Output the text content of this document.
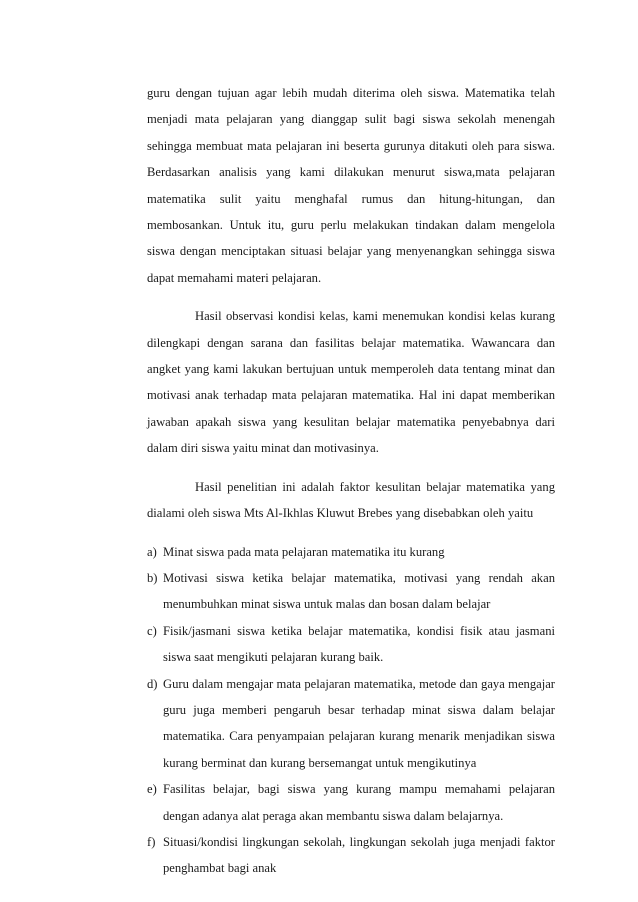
guru dengan tujuan agar lebih mudah diterima oleh siswa. Matematika telah menjadi mata pelajaran yang dianggap sulit bagi siswa sekolah menengah sehingga membuat mata pelajaran ini beserta gurunya ditakuti oleh para siswa. Berdasarkan analisis yang kami dilakukan menurut siswa,mata pelajaran matematika sulit yaitu menghafal rumus dan hitung-hitungan, dan membosankan. Untuk itu, guru perlu melakukan tindakan dalam mengelola siswa dengan menciptakan situasi belajar yang menyenangkan sehingga siswa dapat memahami materi pelajaran.

Hasil observasi kondisi kelas, kami menemukan kondisi kelas kurang dilengkapi dengan sarana dan fasilitas belajar matematika. Wawancara dan angket yang kami lakukan bertujuan untuk memperoleh data tentang minat dan motivasi anak terhadap mata pelajaran matematika. Hal ini dapat memberikan jawaban apakah siswa yang kesulitan belajar matematika penyebabnya dari dalam diri siswa yaitu minat dan motivasinya.

Hasil penelitian ini adalah faktor kesulitan belajar matematika yang dialami oleh siswa Mts Al-Ikhlas Kluwut Brebes yang disebabkan oleh yaitu

a) Minat siswa pada mata pelajaran matematika itu kurang
b) Motivasi siswa ketika belajar matematika, motivasi yang rendah akan menumbuhkan minat siswa untuk malas dan bosan dalam belajar
c) Fisik/jasmani siswa ketika belajar matematika, kondisi fisik atau jasmani siswa saat mengikuti pelajaran kurang baik.
d) Guru dalam mengajar mata pelajaran matematika, metode dan gaya mengajar guru juga memberi pengaruh besar terhadap minat siswa dalam belajar matematika. Cara penyampaian pelajaran kurang menarik menjadikan siswa kurang berminat dan kurang bersemangat untuk mengikutinya
e) Fasilitas belajar, bagi siswa yang kurang mampu memahami pelajaran dengan adanya alat peraga akan membantu siswa dalam belajarnya.
f) Situasi/kondisi lingkungan sekolah, lingkungan sekolah juga menjadi faktor penghambat bagi anak
